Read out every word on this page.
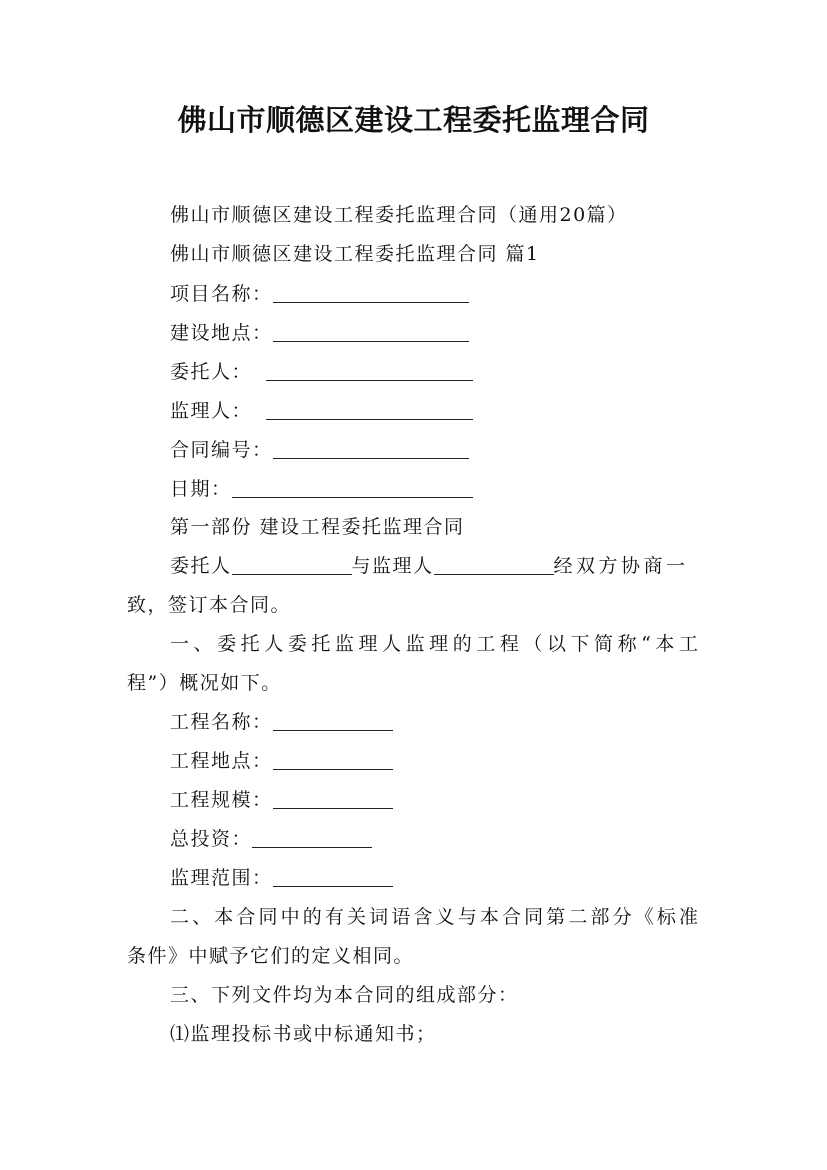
佛山市顺德区建设工程委托监理合同
佛山市顺德区建设工程委托监理合同（通用20篇）
佛山市顺德区建设工程委托监理合同 篇1
项目名称：
建设地点：
委托人：
监理人：
合同编号：
日期：
第一部份 建设工程委托监理合同
委托人	与监理人	经双方协商一
致，签订本合同。
一、委托人委托监理人监理的工程（以下简称“本工
程”）概况如下。
工程名称：
工程地点：
工程规模：
总投资：
监理范围：
二、本合同中的有关词语含义与本合同第二部分《标准
条件》中赋予它们的定义相同。
三、下列文件均为本合同的组成部分：
⑴监理投标书或中标通知书；
